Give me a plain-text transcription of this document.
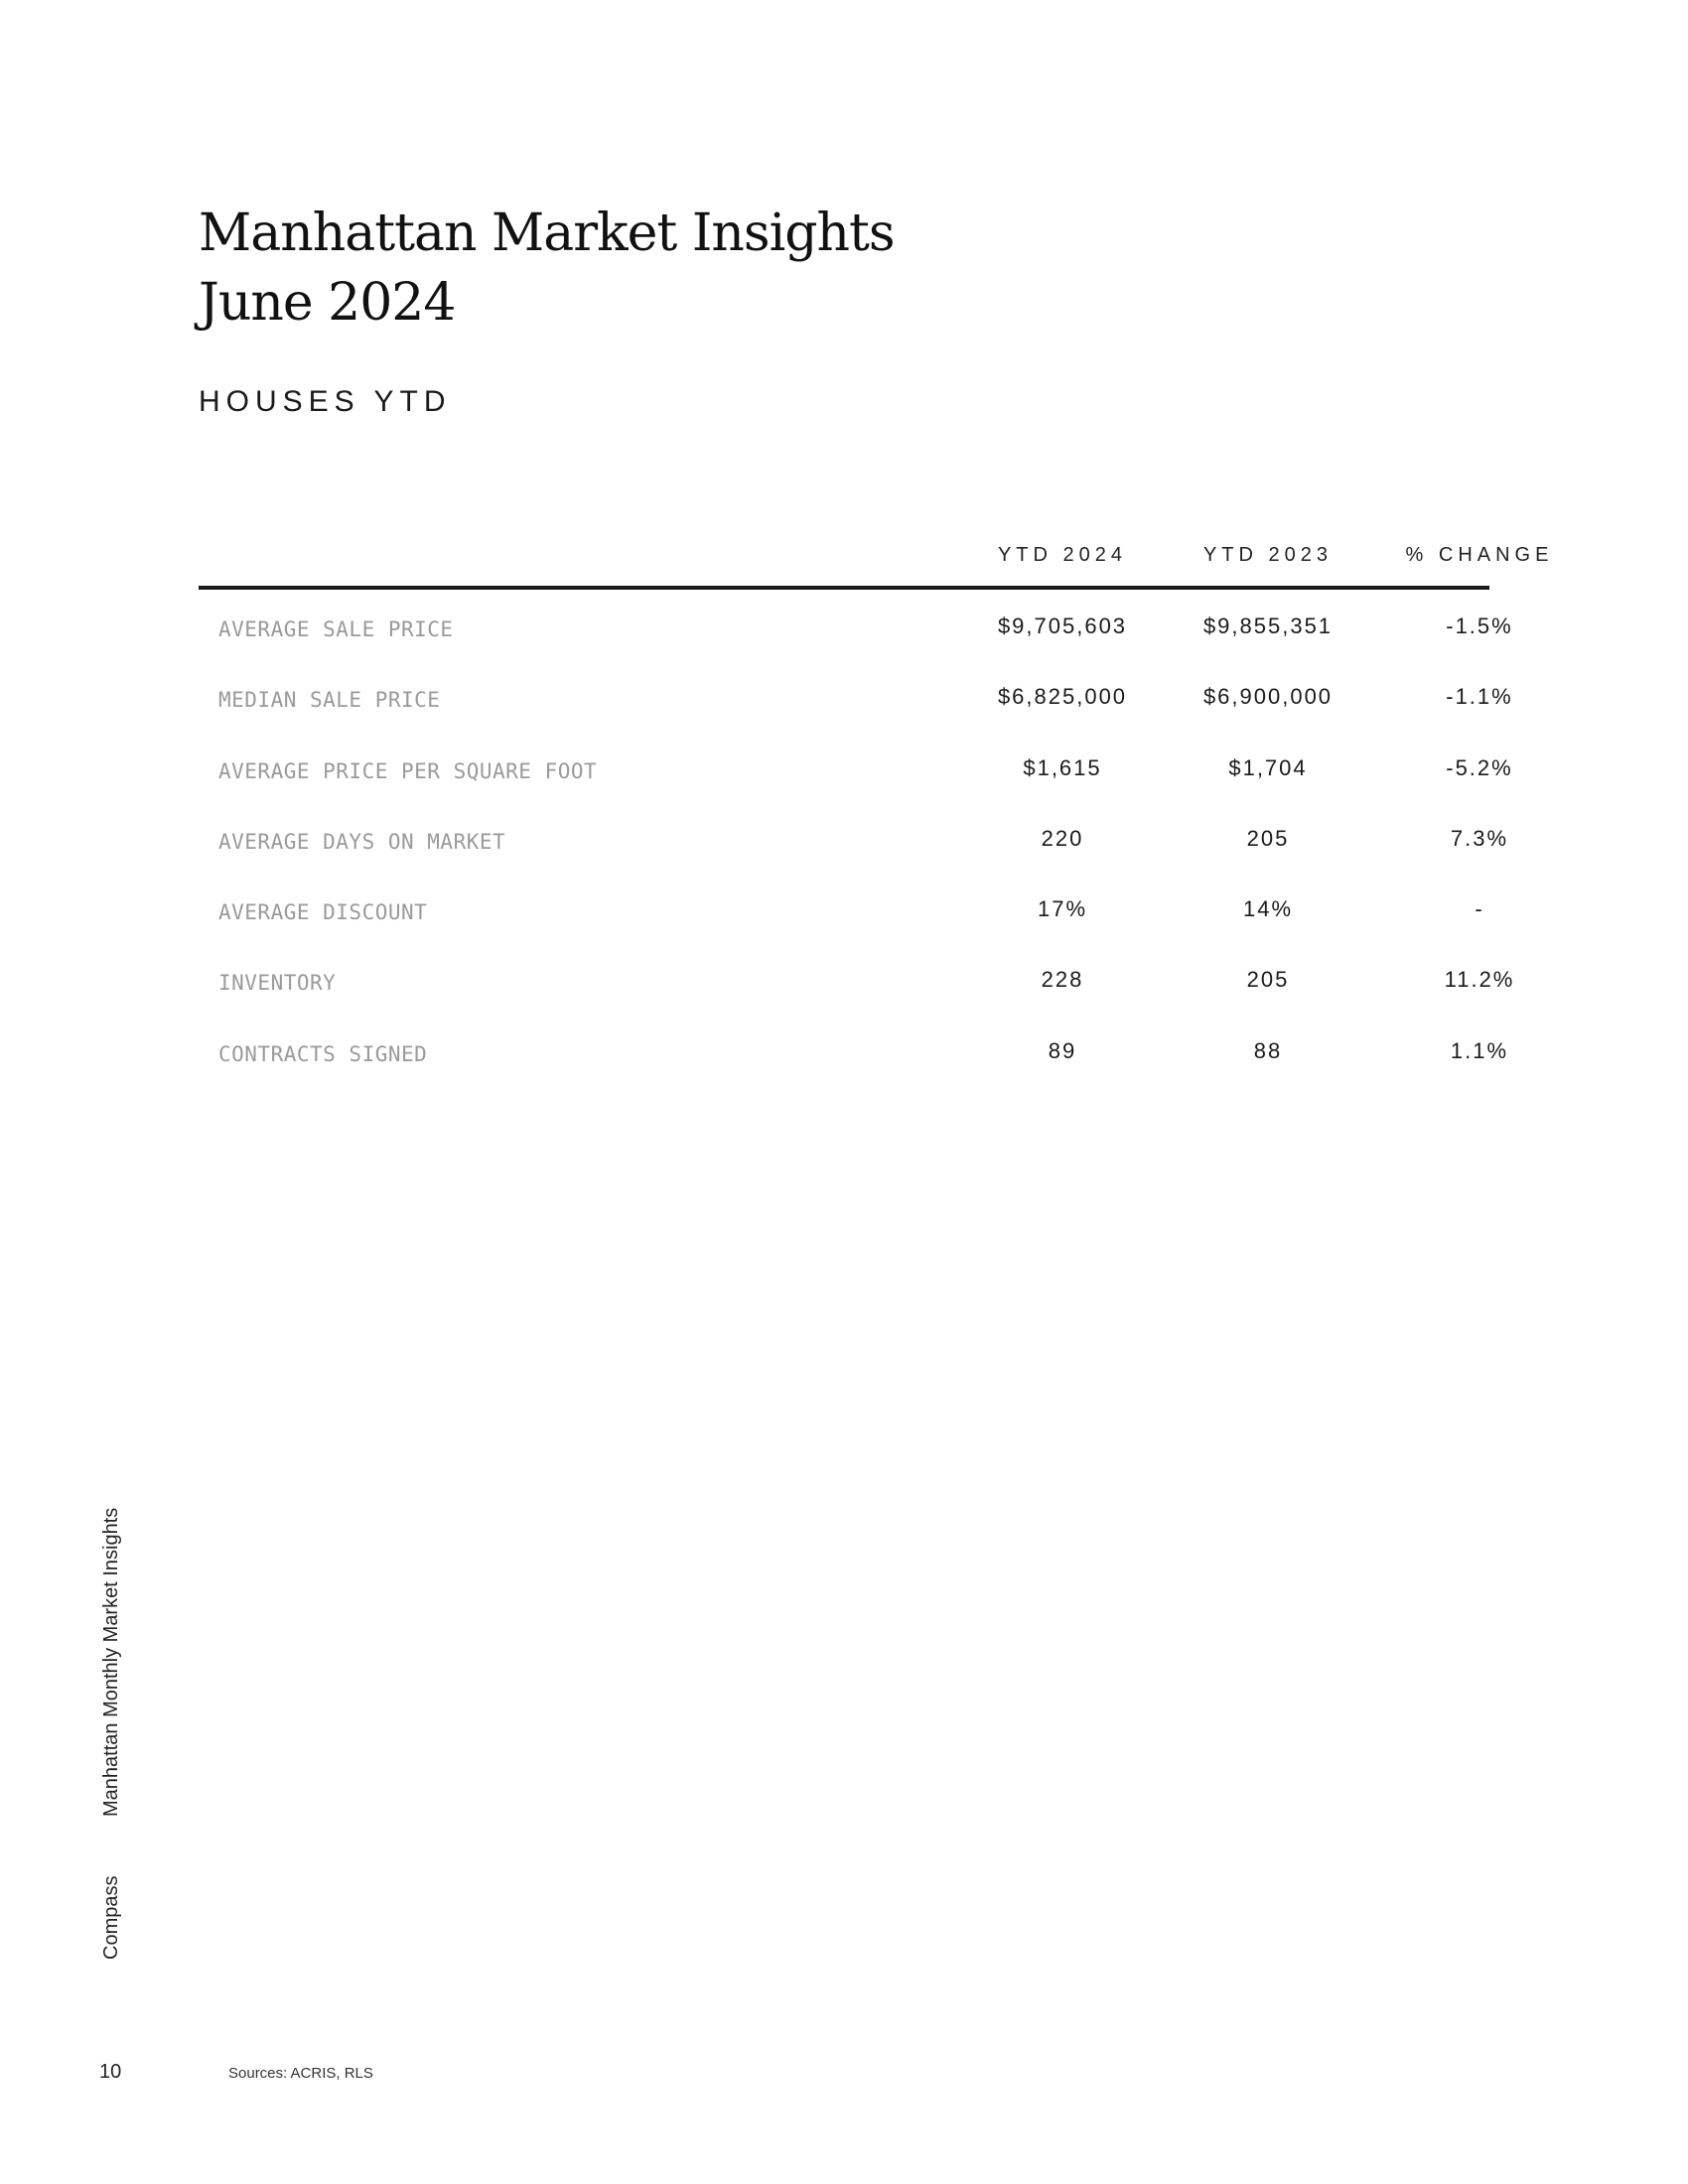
Manhattan Market Insights
June 2024
HOUSES YTD
YTD 2024	YTD 2023	% CHANGE
AVERAGE SALE PRICE	$9,705,603	$9,855,351	-1.5%
MEDIAN SALE PRICE	$6,825,000	$6,900,000	-1.1%
AVERAGE PRICE PER SQUARE FOOT	$1,615	$1,704	-5.2%
AVERAGE DAYS ON MARKET	220	205	7.3%
AVERAGE DISCOUNT	17%	14%	-
INVENTORY	228	205	11.2%
CONTRACTS SIGNED	89	88	1.1%
Compass
Manhattan Monthly Market Insights
10	Sources: ACRIS, RLS
